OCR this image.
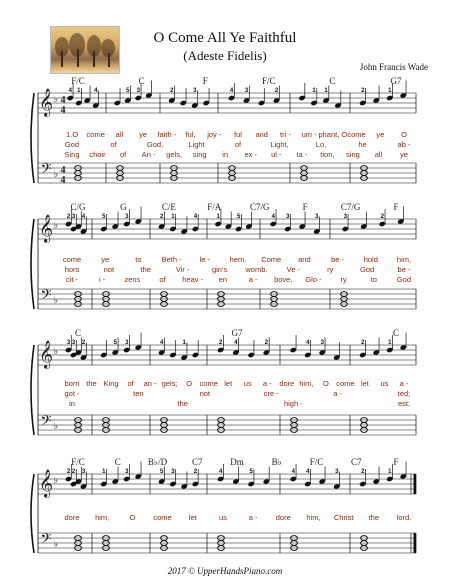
O Come All Ye Faithful
(Adeste Fidelis)
John Francis Wade
2017 © UpperHandsPiano.com
𝄞
𝄢
♭
♭
4
4
4
4
F/C	C	F	F/C	C	G7
4 1 4	5 3	2	3	4 3	2	1 1	2	1
1.O come all ye faith - ful, joy - ful and tri - um - phant, O come ye O
God	of	God,	Light	of	Light,	Lo,	he	ab -
Sing choir of An - gels, sing in ex - ul - ta - tion, sing all ye
𝄞
𝄢
♭
♭
C/G	G	C/E	F/A	C7/G	F	C7/G	F
2 3 4	5	3	2 1	4	1	5	4 3	3	3	2
come	ye	to	Beth - le -	hem. Come and	be -	hold	him,
hors	not	the	Vir -	gin's womb.	Ve -	ry	God	be -
cit -	i -	zens	of heav - en	a - bove, Glo -	ry	to	God
𝄞
𝄢
♭
♭
C	G7	C
3 3 2	5 3	4	1	2 4	2	4 3	2	1
born the King of an - gels; O come let us a - dore him, O come let us a -
got -	ten	not	cre -	a -	ted;
in	the	high -	est;
𝄞
𝄢
♭
♭
F/C	C	B♭/D	C7	Dm	B♭	F/C	C7	F
2 2 3	1	3	5 3	2	4	5	4 4	3	2	1
dore him,	O come let	us	a - dore him, Christ the lord.
